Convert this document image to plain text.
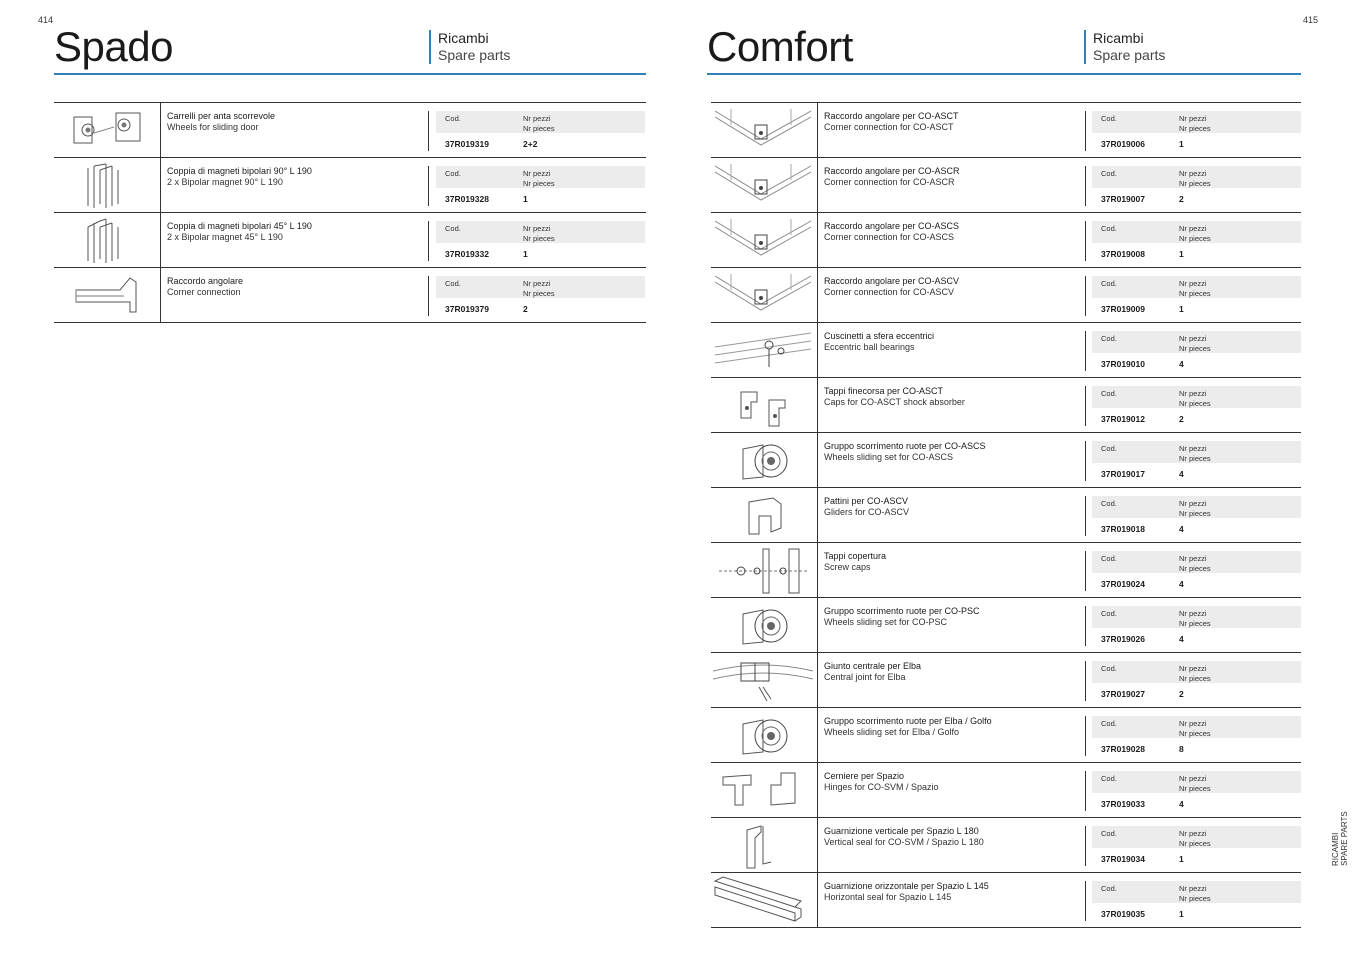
414
Spado	Ricambi
Spare parts
Carrelli per anta scorrevole
Wheels for sliding door
Cod.	Nr pezzi
Nr pieces
37R019319	2+2
Coppia di magneti bipolari 90° L 190
2 x Bipolar magnet 90° L 190
Cod.	Nr pezzi
Nr pieces
37R019328	1
Coppia di magneti bipolari 45° L 190
2 x Bipolar magnet 45° L 190
Cod.	Nr pezzi
Nr pieces
37R019332	1
Raccordo angolare
Corner connection
Cod.	Nr pezzi
Nr pieces
37R019379	2
415
Comfort	Ricambi
Spare parts
Raccordo angolare per CO-ASCT
Corner connection for CO-ASCT
Cod.	Nr pezzi
Nr pieces
37R019006	1
Raccordo angolare per CO-ASCR
Corner connection for CO-ASCR
Cod.	Nr pezzi
Nr pieces
37R019007	2
Raccordo angolare per CO-ASCS
Corner connection for CO-ASCS
Cod.	Nr pezzi
Nr pieces
37R019008	1
Raccordo angolare per CO-ASCV
Corner connection for CO-ASCV
Cod.	Nr pezzi
Nr pieces
37R019009	1
Cuscinetti a sfera eccentrici
Eccentric ball bearings
Cod.	Nr pezzi
Nr pieces
37R019010	4
Tappi finecorsa per CO-ASCT
Caps for CO-ASCT shock absorber
Cod.	Nr pezzi
Nr pieces
37R019012	2
Gruppo scorrimento ruote per CO-ASCS
Wheels sliding set for CO-ASCS
Cod.	Nr pezzi
Nr pieces
37R019017	4
Pattini per CO-ASCV
Gliders for CO-ASCV
Cod.	Nr pezzi
Nr pieces
37R019018	4
Tappi copertura
Screw caps
Cod.	Nr pezzi
Nr pieces
37R019024	4
Gruppo scorrimento ruote per CO-PSC
Wheels sliding set for CO-PSC
Cod.	Nr pezzi
Nr pieces
37R019026	4
Giunto centrale per Elba
Central joint for Elba
Cod.	Nr pezzi
Nr pieces
37R019027	2
Gruppo scorrimento ruote per Elba / Golfo
Wheels sliding set for Elba / Golfo
Cod.	Nr pezzi
Nr pieces
37R019028	8
Cerniere per Spazio
Hinges for CO-SVM / Spazio
Cod.	Nr pezzi
Nr pieces
37R019033	4
Guarnizione verticale per Spazio L 180
Vertical seal for CO-SVM / Spazio L 180
Cod.	Nr pezzi
Nr pieces
37R019034	1
Guarnizione orizzontale per Spazio L 145
Horizontal seal for Spazio L 145
Cod.	Nr pezzi
Nr pieces
37R019035	1
RICAMBI SPARE PARTS
